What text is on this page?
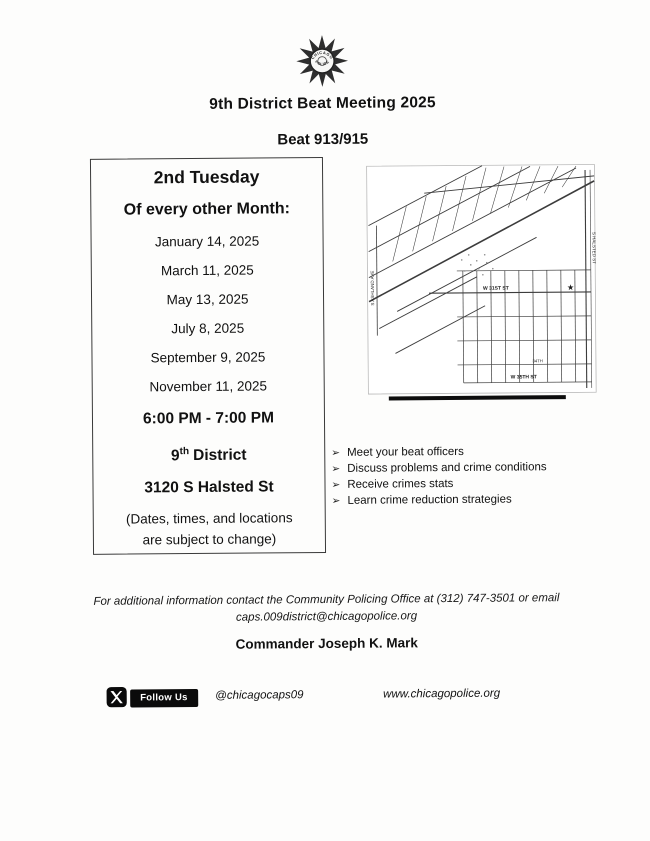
CHICAGO
POLICE
9th District Beat Meeting 2025
Beat 913/915
2nd Tuesday
Of every other Month:
January 14, 2025
March 11, 2025
May 13, 2025
July 8, 2025
September 9, 2025
November 11, 2025
6:00 PM - 7:00 PM
9th District
3120 S Halsted St
(Dates, times, and locations
are subject to change)
W 31ST ST
W 35TH ST
34TH
S HALSTED ST
S ASHLAND AVE	★
➢ Meet your beat officers
➢ Discuss problems and crime conditions
➢ Receive crimes stats
➢ Learn crime reduction strategies
For additional information contact the Community Policing Office at (312) 747-3501 or email
caps.009district@chicagopolice.org
Commander Joseph K. Mark
Follow Us	@chicagocaps09	www.chicagopolice.org
